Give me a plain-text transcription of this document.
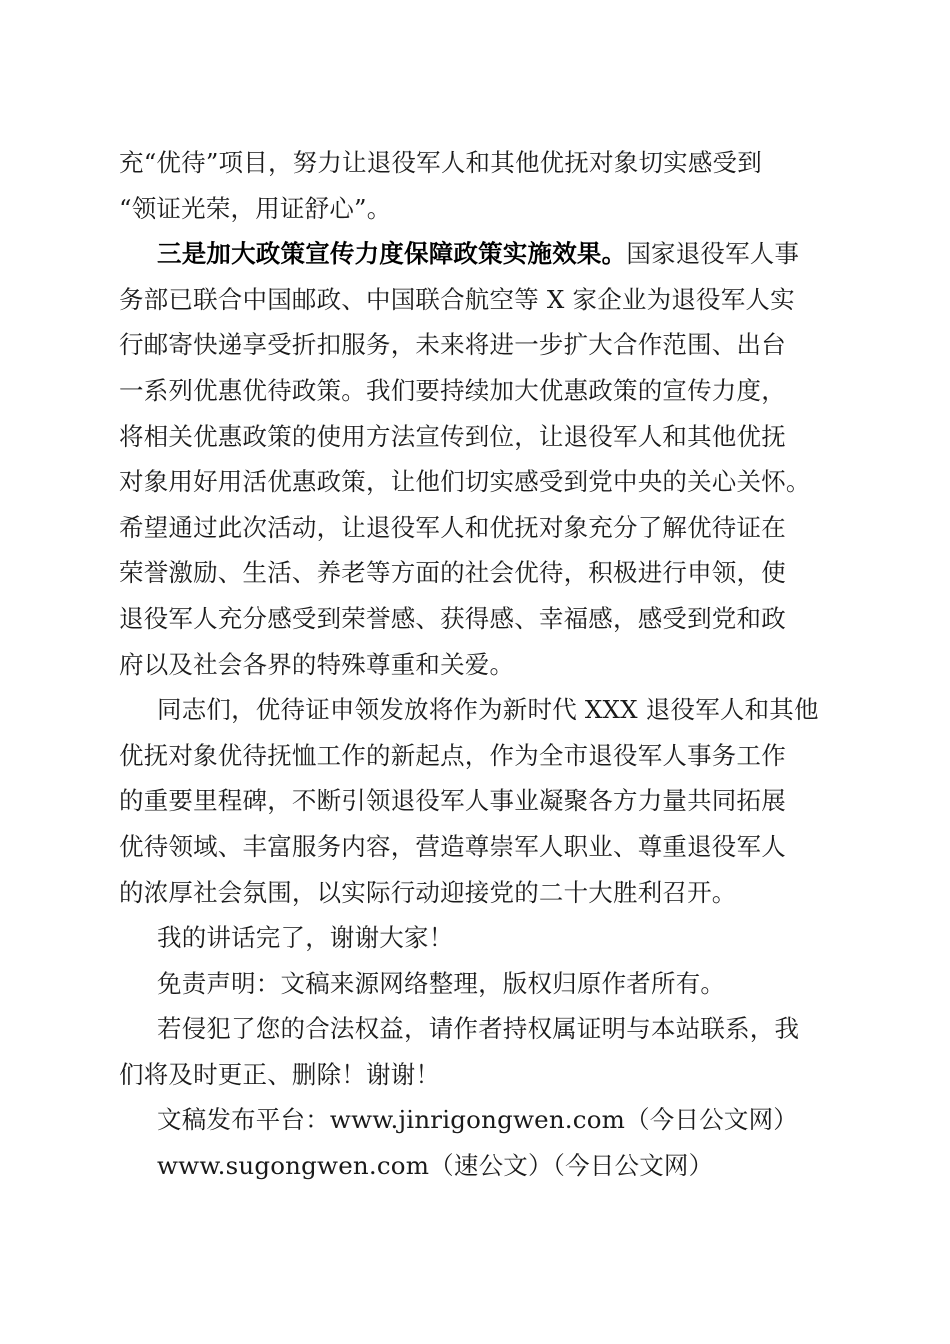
充“优待”项目，努力让退役军人和其他优抚对象切实感受到
“领证光荣，用证舒心”。
三是加大政策宣传力度保障政策实施效果。国家退役军人事
务部已联合中国邮政、中国联合航空等 X 家企业为退役军人实
行邮寄快递享受折扣服务，未来将进一步扩大合作范围、出台
一系列优惠优待政策。我们要持续加大优惠政策的宣传力度，
将相关优惠政策的使用方法宣传到位，让退役军人和其他优抚
对象用好用活优惠政策，让他们切实感受到党中央的关心关怀。
希望通过此次活动，让退役军人和优抚对象充分了解优待证在
荣誉激励、生活、养老等方面的社会优待，积极进行申领，使
退役军人充分感受到荣誉感、获得感、幸福感，感受到党和政
府以及社会各界的特殊尊重和关爱。
同志们，优待证申领发放将作为新时代 XXX 退役军人和其他
优抚对象优待抚恤工作的新起点，作为全市退役军人事务工作
的重要里程碑，不断引领退役军人事业凝聚各方力量共同拓展
优待领域、丰富服务内容，营造尊崇军人职业、尊重退役军人
的浓厚社会氛围，以实际行动迎接党的二十大胜利召开。
我的讲话完了，谢谢大家！
免责声明：文稿来源网络整理，版权归原作者所有。
若侵犯了您的合法权益，请作者持权属证明与本站联系，我
们将及时更正、删除！谢谢！
文稿发布平台：www.jinrigongwen.com（今日公文网）
www.sugongwen.com（速公文）（今日公文网）
